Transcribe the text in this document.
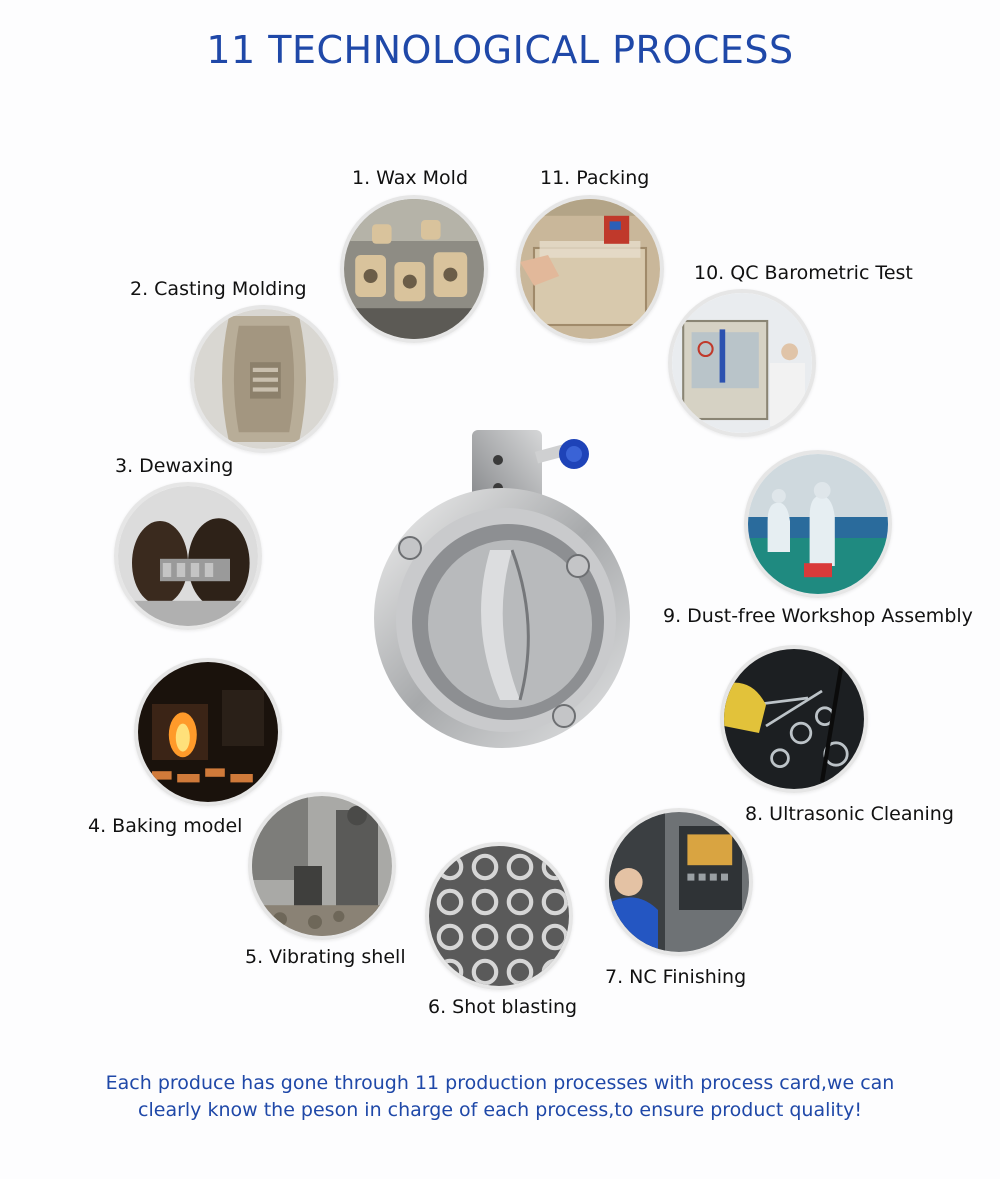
11 TECHNOLOGICAL PROCESS
1. Wax Mold	11. Packing
10. QC Barometric Test
2. Casting Molding
3. Dewaxing
4. Baking model
5. Vibrating shell
6. Shot blasting
7. NC Finishing
8. Ultrasonic Cleaning
9. Dust-free Workshop Assembly
Each produce has gone through 11 production processes with process card,we can
clearly know the peson in charge of each process,to ensure product quality!
